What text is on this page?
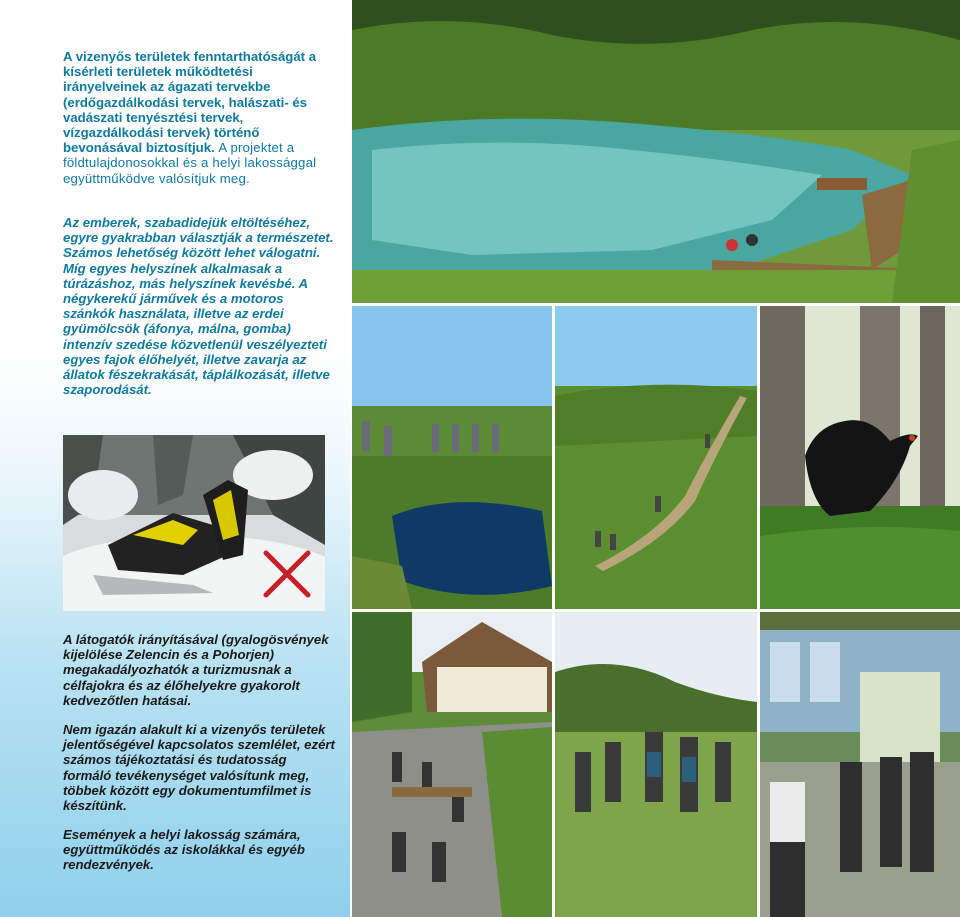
A vizenyős területek fenntarthatóságát a kísérleti területek működtetési irányelveinek az ágazati tervekbe (erdőgazdálkodási tervek, halászati- és vadászati tenyésztési tervek, vízgazdálkodási tervek) történő bevonásával biztosítjuk. A projektet a földtulajdonosokkal és a helyi lakossággal együttműködve valósítjuk meg.

Az emberek, szabadidejük eltöltéséhez, egyre gyakrabban választják a természetet. Számos lehetőség között lehet válogatni. Míg egyes helyszínek alkalmasak a túrázáshoz, más helyszínek kevésbé. A négykerekű járművek és a motoros szánkók használata, illetve az erdei gyümölcsök (áfonya, málna, gomba) intenzív szedése közvetlenül veszélyezteti egyes fajok élőhelyét, illetve zavarja az állatok fészekrakását, táplálkozását, illetve szaporodását.

A látogatók irányításával (gyalogösvények kijelölése Zelencin és a Pohorjen) megakadályozhatók a turizmusnak a célfajokra és az élőhelyekre gyakorolt kedvezőtlen hatásai.

Nem igazán alakult ki a vizenyős területek jelentőségével kapcsolatos szemlélet, ezért számos tájékoztatási és tudatosság formáló tevékenységet valósítunk meg, többek között egy dokumentumfilmet is készítünk.

Események a helyi lakosság számára, együttműködés az iskolákkal és egyéb rendezvények.
